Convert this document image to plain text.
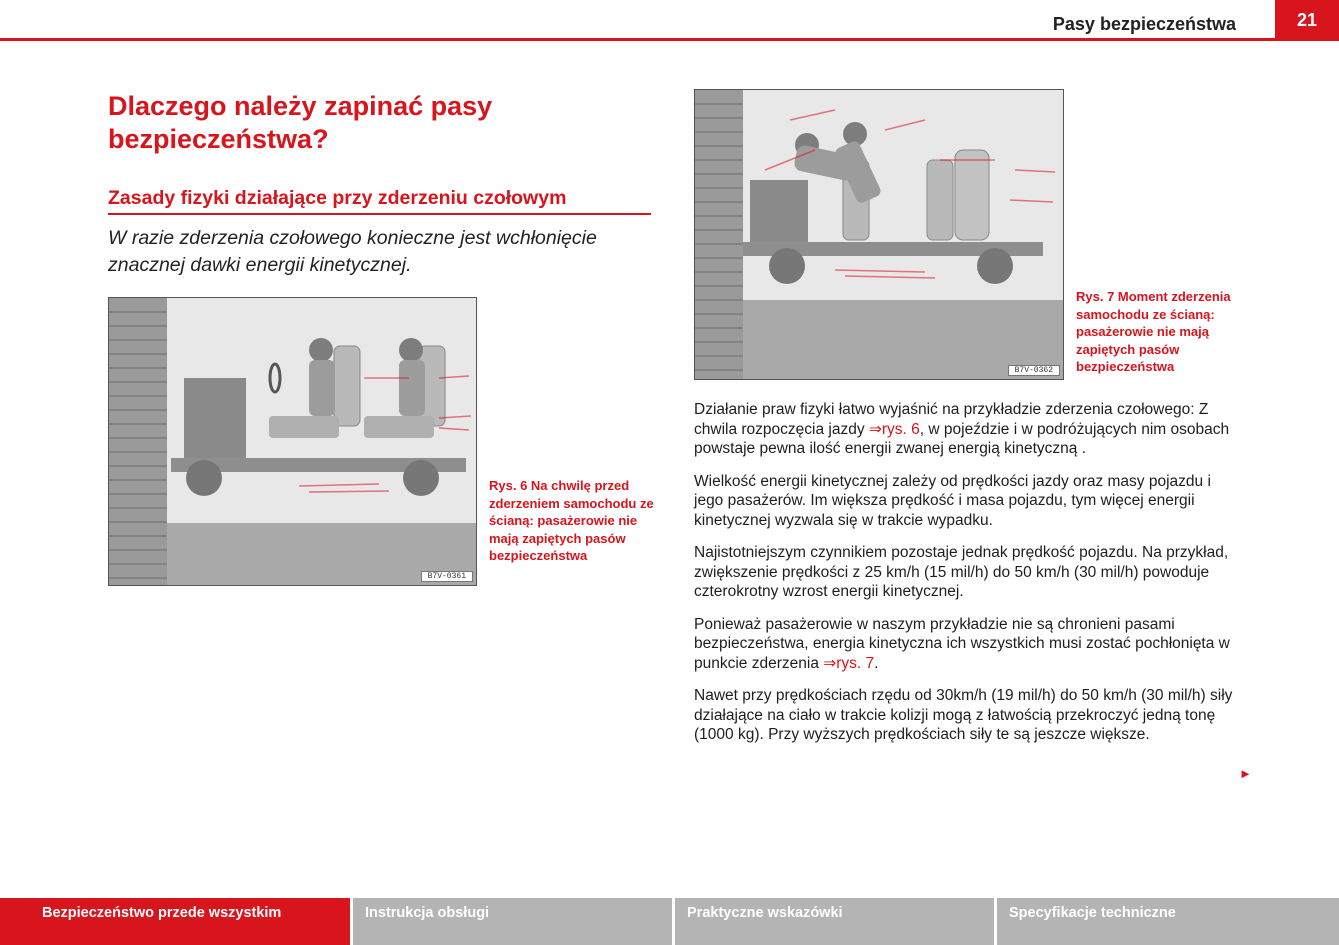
Pasy bezpieczeństwa	21
Dlaczego należy zapinać pasy bezpieczeństwa?
Zasady fizyki działające przy zderzeniu czołowym
W razie zderzenia czołowego konieczne jest wchłonięcie znacznej dawki energii kinetycznej.
B7V-0361
Rys. 6 Na chwilę przed zderzeniem samochodu ze ścianą: pasażerowie nie mają zapiętych pasów bezpieczeństwa
B7V-0362
Rys. 7 Moment zderzenia samochodu ze ścianą: pasażerowie nie mają zapiętych pasów bezpieczeństwa

Działanie praw fizyki łatwo wyjaśnić na przykładzie zderzenia czołowego: Z chwila rozpoczęcia jazdy ⇒rys. 6, w pojeździe i w podróżujących nim osobach powstaje pewna ilość energii zwanej energią kinetyczną .

Wielkość energii kinetycznej zależy od prędkości jazdy oraz masy pojazdu i jego pasażerów. Im większa prędkość i masa pojazdu, tym więcej energii kinetycznej wyzwala się w trakcie wypadku.

Najistotniejszym czynnikiem pozostaje jednak prędkość pojazdu. Na przykład, zwiększenie prędkości z 25 km/h (15 mil/h) do 50 km/h (30 mil/h) powoduje czterokrotny wzrost energii kinetycznej.

Ponieważ pasażerowie w naszym przykładzie nie są chronieni pasami bezpieczeństwa, energia kinetyczna ich wszystkich musi zostać pochłonięta w punkcie zderzenia ⇒rys. 7.

Nawet przy prędkościach rzędu od 30km/h (19 mil/h) do 50 km/h (30 mil/h) siły działające na ciało w trakcie kolizji mogą z łatwością przekroczyć jedną tonę (1000 kg). Przy wyższych prędkościach siły te są jeszcze większe.

►
Bezpieczeństwo przede wszystkim	Instrukcja obsługi	Praktyczne wskazówki	Specyfikacje techniczne
